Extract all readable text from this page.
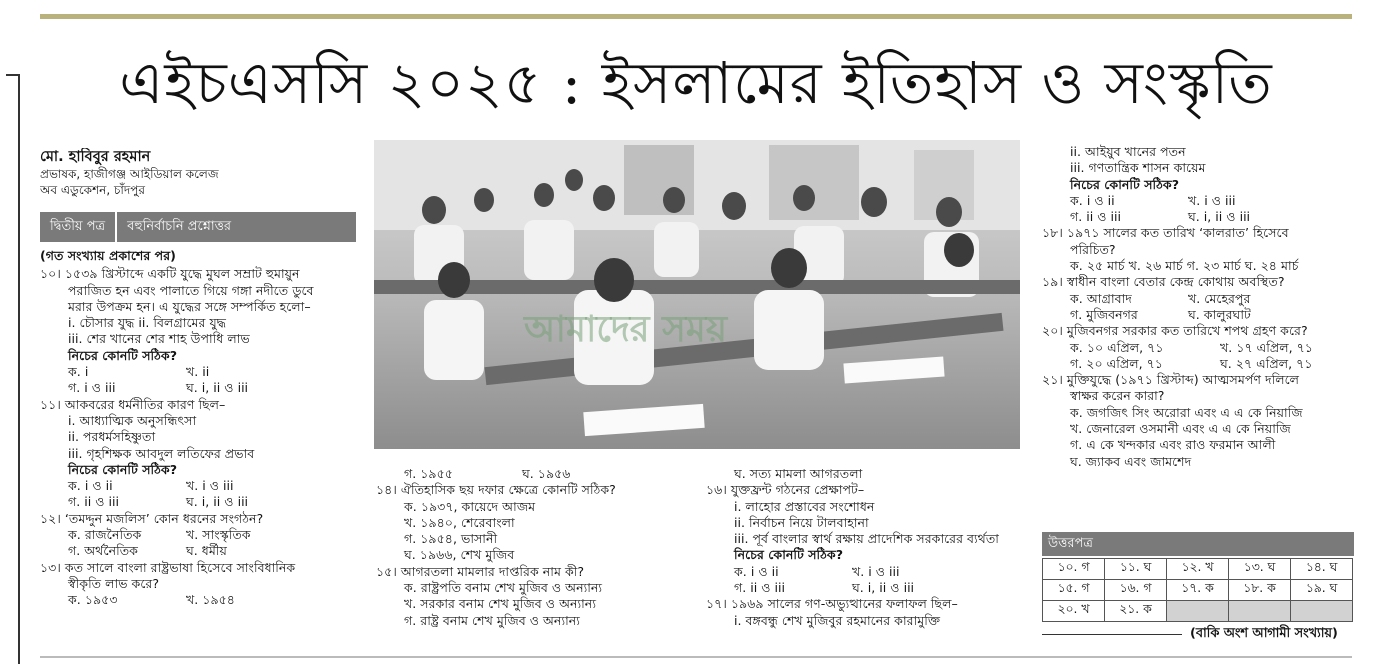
এইচএসসি ২০২৫ : ইসলামের ইতিহাস ও সংস্কৃতি
মো. হাবিবুর রহমান
প্রভাষক, হাজীগঞ্জ আইডিয়াল কলেজ
অব এডুকেশন, চাঁদপুর
দ্বিতীয় পত্র	বহুনির্বাচনি প্রশ্নোত্তর
(গত সংখ্যায় প্রকাশের পর)
১০। ১৫৩৯ খ্রিস্টাব্দে একটি যুদ্ধে মুঘল সম্রাট হুমায়ুন
পরাজিত হন এবং পালাতে গিয়ে গঙ্গা নদীতে ডুবে
মরার উপক্রম হন। এ যুদ্ধের সঙ্গে সম্পর্কিত হলো–
i. চৌসার যুদ্ধ ii. বিলগ্রামের যুদ্ধ
iii. শের খানের শের শাহ উপাধি লাভ
নিচের কোনটি সঠিক?
ক. i	খ. ii
গ. i ও iii	ঘ. i, ii ও iii
১১। আকবরের ধর্মনীতির কারণ ছিল–
i. আধ্যাত্মিক অনুসন্ধিৎসা
ii. পরধর্মসহিষ্ণুতা
iii. গৃহশিক্ষক আবদুল লতিফের প্রভাব
নিচের কোনটি সঠিক?
ক. i ও ii	খ. i ও iii
গ. ii ও iii	ঘ. i, ii ও iii
১২। ‘তমদ্দুন মজলিস’ কোন ধরনের সংগঠন?
ক. রাজনৈতিক	খ. সাংস্কৃতিক
গ. অর্থনৈতিক	ঘ. ধর্মীয়
১৩। কত সালে বাংলা রাষ্ট্রভাষা হিসেবে সাংবিধানিক
স্বীকৃতি লাভ করে?
ক. ১৯৫৩	খ. ১৯৫৪
আমাদের সময়
গ. ১৯৫৫	ঘ. ১৯৫৬
১৪। ঐতিহাসিক ছয় দফার ক্ষেত্রে কোনটি সঠিক?
ক. ১৯৩৭, কায়েদে আজম
খ. ১৯৪০, শেরেবাংলা
গ. ১৯৫৪, ভাসানী
ঘ. ১৯৬৬, শেখ মুজিব
১৫। আগরতলা মামলার দাপ্তরিক নাম কী?
ক. রাষ্ট্রপতি বনাম শেখ মুজিব ও অন্যান্য
খ. সরকার বনাম শেখ মুজিব ও অন্যান্য
গ. রাষ্ট্র বনাম শেখ মুজিব ও অন্যান্য
ঘ. সত্য মামলা আগরতলা
১৬। যুক্তফ্রন্ট গঠনের প্রেক্ষাপট–
i. লাহোর প্রস্তাবের সংশোধন
ii. নির্বাচন নিয়ে টালবাহানা
iii. পূর্ব বাংলার স্বার্থ রক্ষায় প্রাদেশিক সরকারের ব্যর্থতা
নিচের কোনটি সঠিক?
ক. i ও ii	খ. i ও iii
গ. ii ও iii	ঘ. i, ii ও iii
১৭। ১৯৬৯ সালের গণ-অভ্যুত্থানের ফলাফল ছিল–
i. বঙ্গবন্ধু শেখ মুজিবুর রহমানের কারামুক্তি
ii. আইয়ুব খানের পতন
iii. গণতান্ত্রিক শাসন কায়েম
নিচের কোনটি সঠিক?
ক. i ও ii	খ. i ও iii
গ. ii ও iii	ঘ. i, ii ও iii
১৮। ১৯৭১ সালের কত তারিখ ‘কালরাত’ হিসেবে
পরিচিত?
ক. ২৫ মার্চ খ. ২৬ মার্চ গ. ২৩ মার্চ ঘ. ২৪ মার্চ
১৯। স্বাধীন বাংলা বেতার কেন্দ্র কোথায় অবস্থিত?
ক. আগ্রাবাদ	খ. মেহেরপুর
গ. মুজিবনগর	ঘ. কালুরঘাট
২০। মুজিবনগর সরকার কত তারিখে শপথ গ্রহণ করে?
ক. ১০ এপ্রিল, ৭১	খ. ১৭ এপ্রিল, ৭১
গ. ২০ এপ্রিল, ৭১	ঘ. ২৭ এপ্রিল, ৭১
২১। মুক্তিযুদ্ধে (১৯৭১ খ্রিস্টাব্দ) আত্মসমর্পণ দলিলে
স্বাক্ষর করেন কারা?
ক. জগজিৎ সিং অরোরা এবং এ এ কে নিয়াজি
খ. জেনারেল ওসমানী এবং এ এ কে নিয়াজি
গ. এ কে খন্দকার এবং রাও ফরমান আলী
ঘ. জ্যাকব এবং জামশেদ
উত্তরপত্র
১০. গ	১১. ঘ	১২. খ	১৩. ঘ	১৪. ঘ
১৫. গ	১৬. গ	১৭. ক	১৮. ক	১৯. ঘ
২০. খ	২১. ক			
(বাকি অংশ আগামী সংখ্যায়)
